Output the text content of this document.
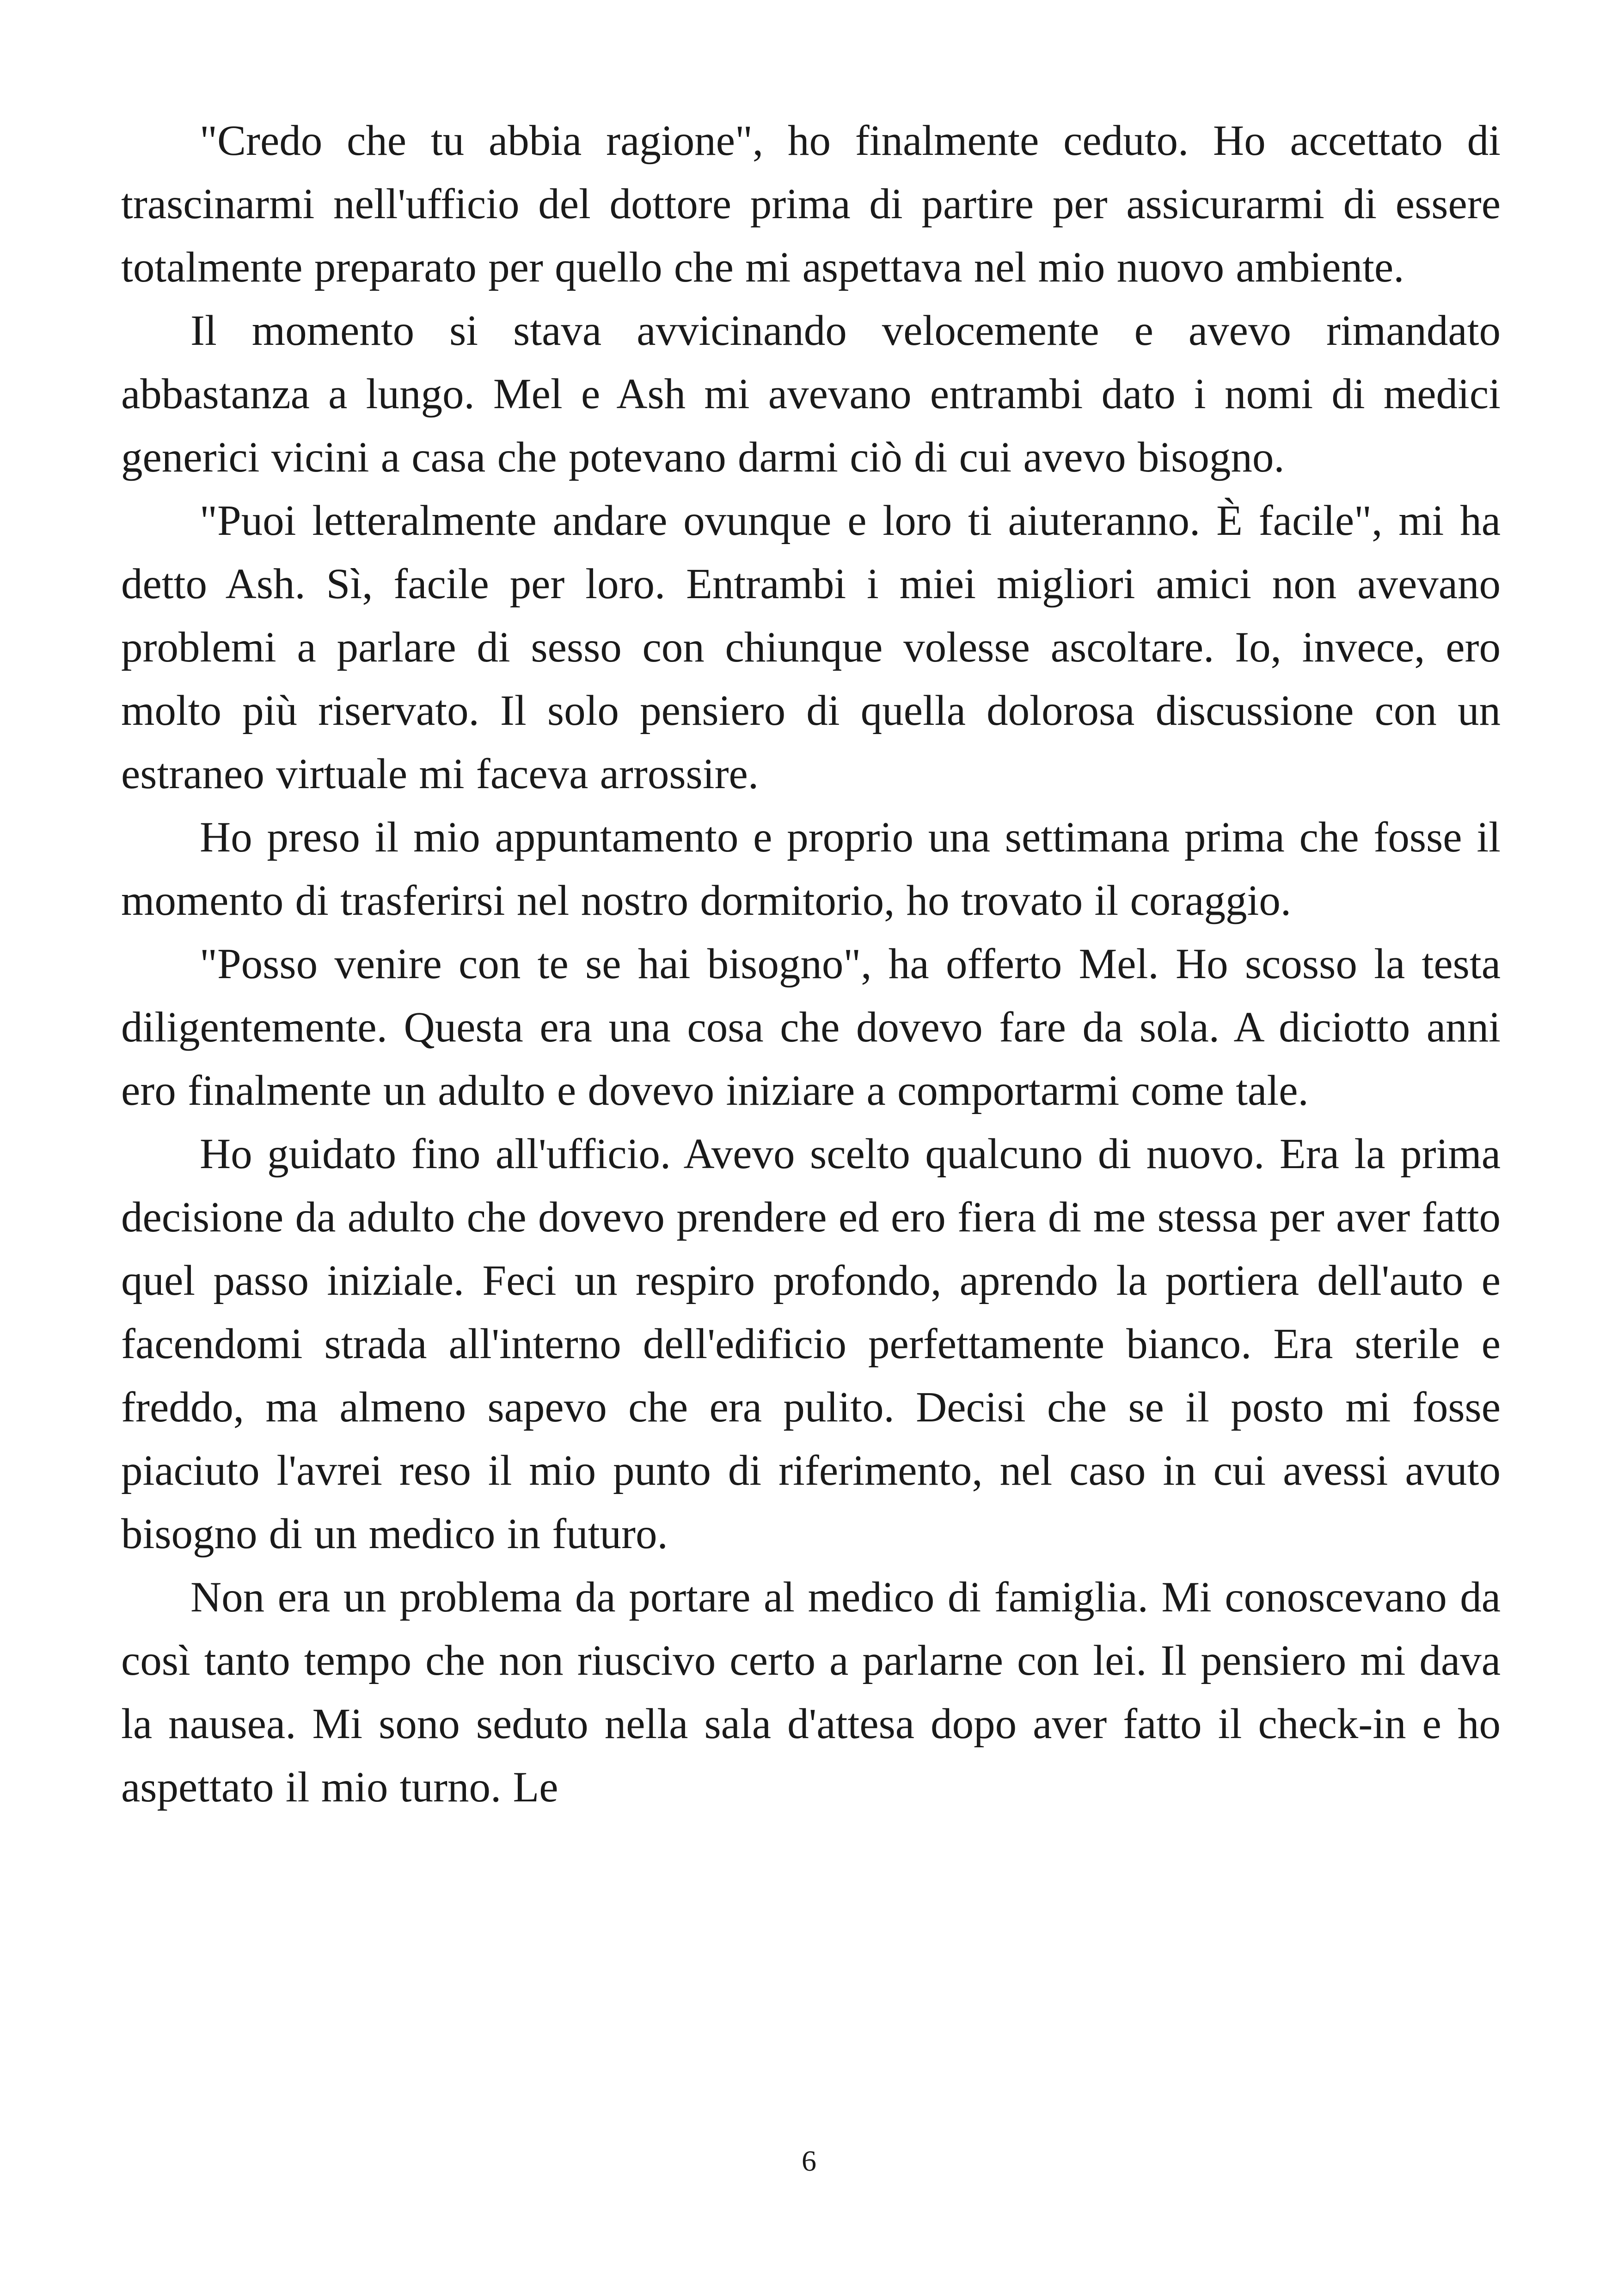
"Credo che tu abbia ragione", ho finalmente ceduto. Ho accettato di trascinarmi nell'ufficio del dottore prima di partire per assicurarmi di essere totalmente preparato per quello che mi aspettava nel mio nuovo ambiente.

Il momento si stava avvicinando velocemente e avevo rimandato abbastanza a lungo. Mel e Ash mi avevano entrambi dato i nomi di medici generici vicini a casa che potevano darmi ciò di cui avevo bisogno.

"Puoi letteralmente andare ovunque e loro ti aiuteranno. È facile", mi ha detto Ash. Sì, facile per loro. Entrambi i miei migliori amici non avevano problemi a parlare di sesso con chiunque volesse ascoltare. Io, invece, ero molto più riservato. Il solo pensiero di quella dolorosa discussione con un estraneo virtuale mi faceva arrossire.

Ho preso il mio appuntamento e proprio una settimana prima che fosse il momento di trasferirsi nel nostro dormitorio, ho trovato il coraggio.

"Posso venire con te se hai bisogno", ha offerto Mel. Ho scosso la testa diligentemente. Questa era una cosa che dovevo fare da sola. A diciotto anni ero finalmente un adulto e dovevo iniziare a comportarmi come tale.

Ho guidato fino all'ufficio. Avevo scelto qualcuno di nuovo. Era la prima decisione da adulto che dovevo prendere ed ero fiera di me stessa per aver fatto quel passo iniziale. Feci un respiro profondo, aprendo la portiera dell'auto e facendomi strada all'interno dell'edificio perfettamente bianco. Era sterile e freddo, ma almeno sapevo che era pulito. Decisi che se il posto mi fosse piaciuto l'avrei reso il mio punto di riferimento, nel caso in cui avessi avuto bisogno di un medico in futuro.

Non era un problema da portare al medico di famiglia. Mi conoscevano da così tanto tempo che non riuscivo certo a parlarne con lei. Il pensiero mi dava la nausea. Mi sono seduto nella sala d'attesa dopo aver fatto il check-in e ho aspettato il mio turno. Le

6
